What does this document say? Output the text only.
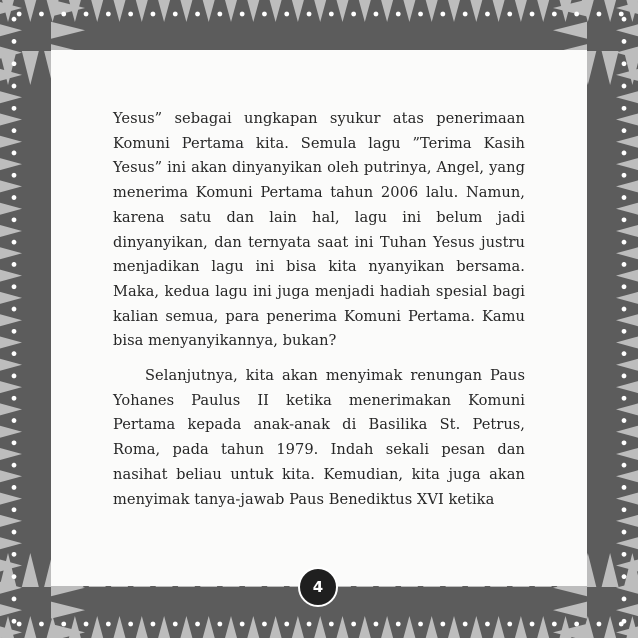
Yesus” sebagai ungkapan syukur atas penerimaan Komuni Pertama kita. Semula lagu ”Terima Kasih Yesus” ini akan dinyanyikan oleh putrinya, Angel, yang menerima Komuni Pertama tahun 2006 lalu. Namun, karena satu dan lain hal, lagu ini belum jadi dinyanyikan, dan ternyata saat ini Tuhan Yesus justru menjadikan lagu ini bisa kita nyanyikan bersama. Maka, kedua lagu ini juga menjadi hadiah spesial bagi kalian semua, para penerima Komuni Pertama. Kamu bisa menyanyikannya, bukan?

Selanjutnya, kita akan menyimak renungan Paus Yohanes Paulus II ketika menerimakan Komuni Pertama kepada anak-anak di Basilika St. Petrus, Roma, pada tahun 1979. Indah sekali pesan dan nasihat beliau untuk kita. Kemudian, kita juga akan menyimak tanya-jawab Paus Benediktus XVI ketika

4
